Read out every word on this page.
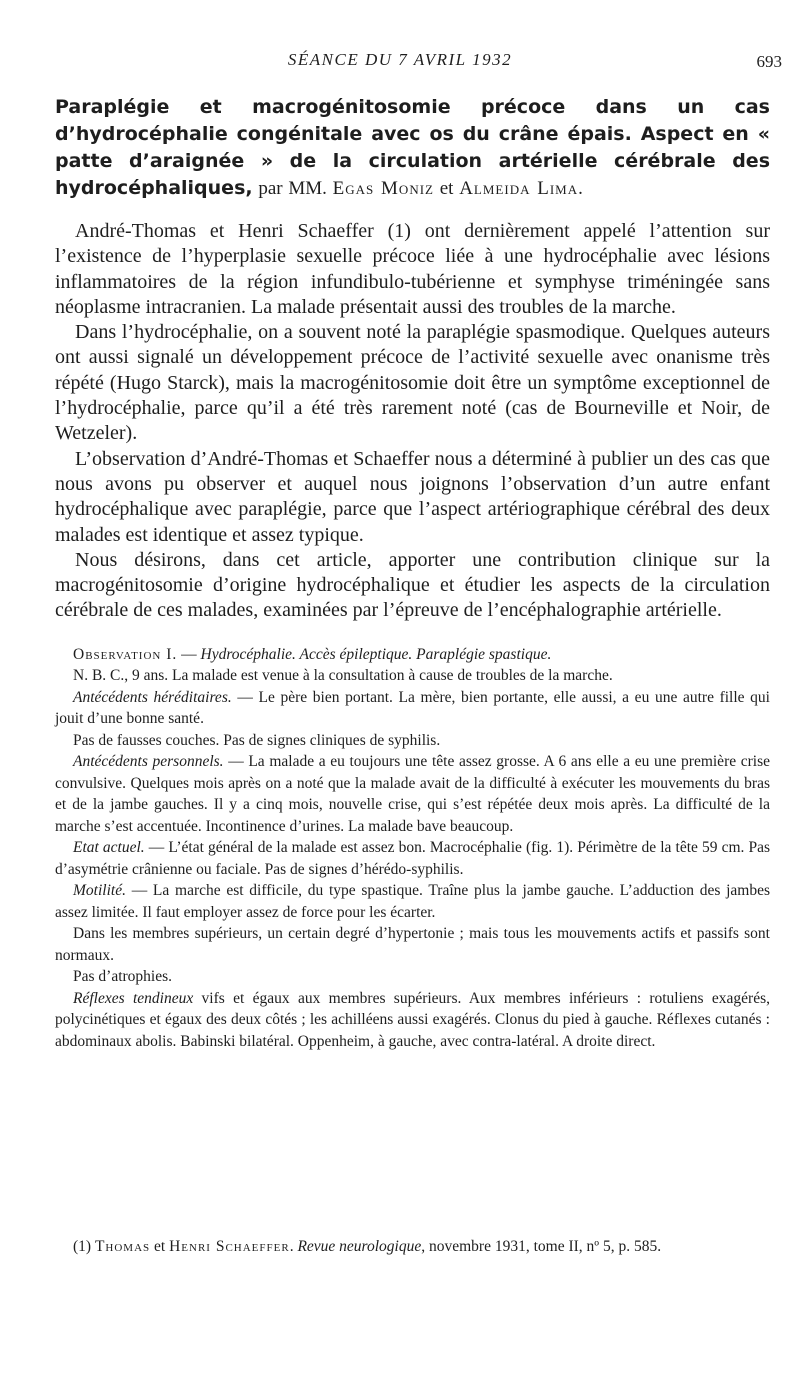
SÉANCE DU 7 AVRIL 1932	693

Paraplégie et macrogénitosomie précoce dans un cas d’hydrocéphalie congénitale avec os du crâne épais. Aspect en « patte d’araignée » de la circulation artérielle cérébrale des hydrocéphaliques, par MM. Egas Moniz et Almeida Lima.

André-Thomas et Henri Schaeffer (1) ont dernièrement appelé l’attention sur l’existence de l’hyperplasie sexuelle précoce liée à une hydrocéphalie avec lésions inflammatoires de la région infundibulo-tubérienne et symphyse triméningée sans néoplasme intracranien. La malade présentait aussi des troubles de la marche.

Dans l’hydrocéphalie, on a souvent noté la paraplégie spasmodique. Quelques auteurs ont aussi signalé un développement précoce de l’activité sexuelle avec onanisme très répété (Hugo Starck), mais la macrogénitosomie doit être un symptôme exceptionnel de l’hydrocéphalie, parce qu’il a été très rarement noté (cas de Bourneville et Noir, de Wetzeler).

L’observation d’André-Thomas et Schaeffer nous a déterminé à publier un des cas que nous avons pu observer et auquel nous joignons l’observation d’un autre enfant hydrocéphalique avec paraplégie, parce que l’aspect artériographique cérébral des deux malades est identique et assez typique.

Nous désirons, dans cet article, apporter une contribution clinique sur la macrogénitosomie d’origine hydrocéphalique et étudier les aspects de la circulation cérébrale de ces malades, examinées par l’épreuve de l’encéphalographie artérielle.

Observation I. — Hydrocéphalie. Accès épileptique. Paraplégie spastique.

N. B. C., 9 ans. La malade est venue à la consultation à cause de troubles de la marche.

Antécédents héréditaires. — Le père bien portant. La mère, bien portante, elle aussi, a eu une autre fille qui jouit d’une bonne santé.

Pas de fausses couches. Pas de signes cliniques de syphilis.

Antécédents personnels. — La malade a eu toujours une tête assez grosse. A 6 ans elle a eu une première crise convulsive. Quelques mois après on a noté que la malade avait de la difficulté à exécuter les mouvements du bras et de la jambe gauches. Il y a cinq mois, nouvelle crise, qui s’est répétée deux mois après. La difficulté de la marche s’est accentuée. Incontinence d’urines. La malade bave beaucoup.

Etat actuel. — L’état général de la malade est assez bon. Macrocéphalie (fig. 1). Périmètre de la tête 59 cm. Pas d’asymétrie crânienne ou faciale. Pas de signes d’hérédo-syphilis.

Motilité. — La marche est difficile, du type spastique. Traîne plus la jambe gauche. L’adduction des jambes assez limitée. Il faut employer assez de force pour les écarter.

Dans les membres supérieurs, un certain degré d’hypertonie ; mais tous les mouvements actifs et passifs sont normaux.

Pas d’atrophies.

Réflexes tendineux vifs et égaux aux membres supérieurs. Aux membres inférieurs : rotuliens exagérés, polycinétiques et égaux des deux côtés ; les achilléens aussi exagérés. Clonus du pied à gauche. Réflexes cutanés : abdominaux abolis. Babinski bilatéral. Oppenheim, à gauche, avec contra-latéral. A droite direct.

(1) Thomas et Henri Schaeffer. Revue neurologique, novembre 1931, tome II, nº 5, p. 585.
